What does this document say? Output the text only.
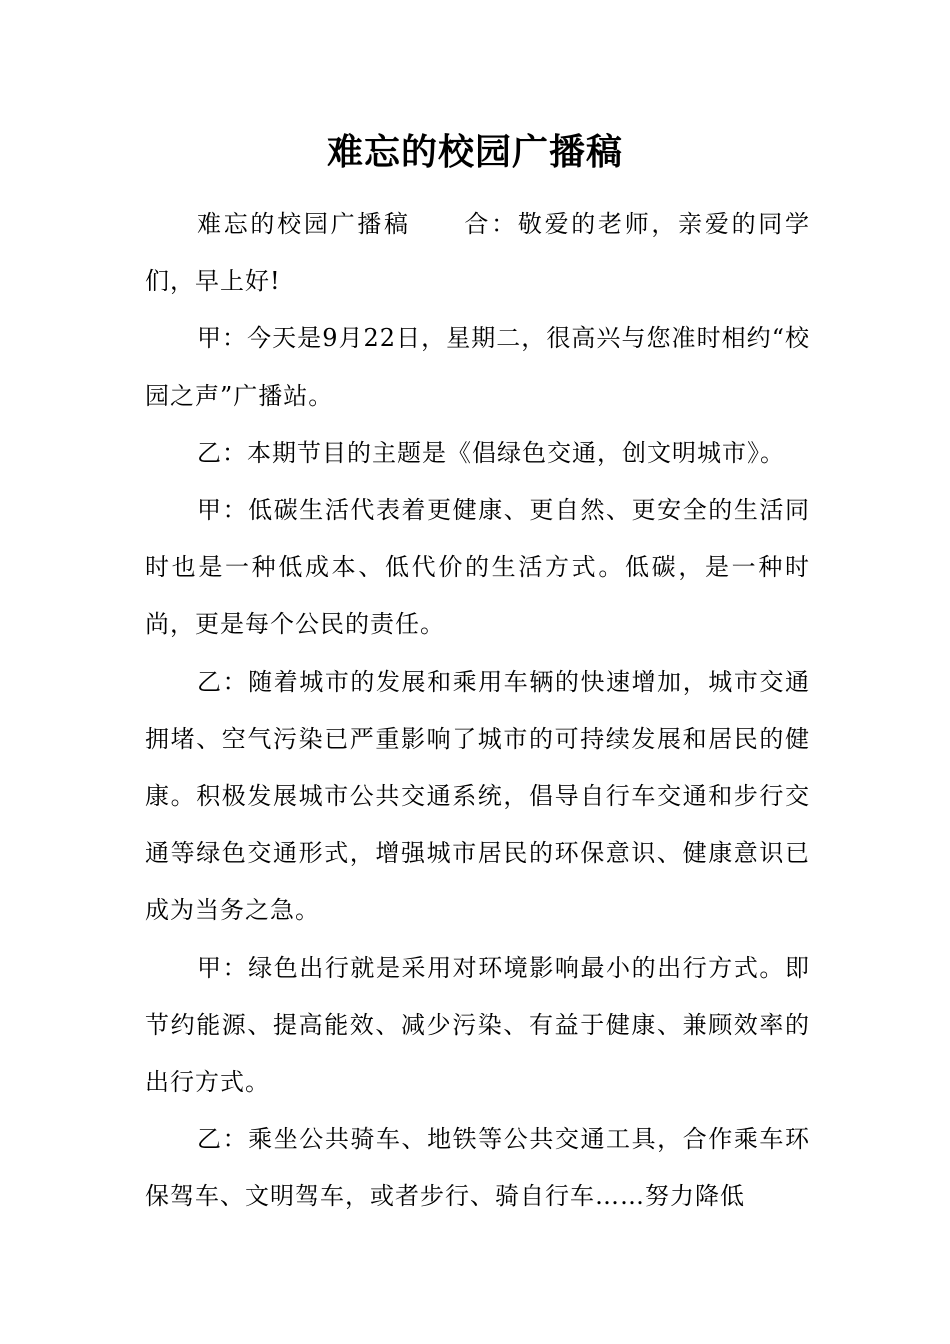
难忘的校园广播稿

难忘的校园广播稿 合：敬爱的老师，亲爱的同学们，早上好!

甲：今天是9月22日，星期二，很高兴与您准时相约“校园之声”广播站。

乙：本期节目的主题是《倡绿色交通，创文明城市》。

甲：低碳生活代表着更健康、更自然、更安全的生活同时也是一种低成本、低代价的生活方式。低碳，是一种时尚，更是每个公民的责任。

乙：随着城市的发展和乘用车辆的快速增加，城市交通拥堵、空气污染已严重影响了城市的可持续发展和居民的健康。积极发展城市公共交通系统，倡导自行车交通和步行交通等绿色交通形式，增强城市居民的环保意识、健康意识已成为当务之急。

甲：绿色出行就是采用对环境影响最小的出行方式。即节约能源、提高能效、减少污染、有益于健康、兼顾效率的出行方式。

乙：乘坐公共骑车、地铁等公共交通工具，合作乘车环保驾车、文明驾车，或者步行、骑自行车……努力降低
